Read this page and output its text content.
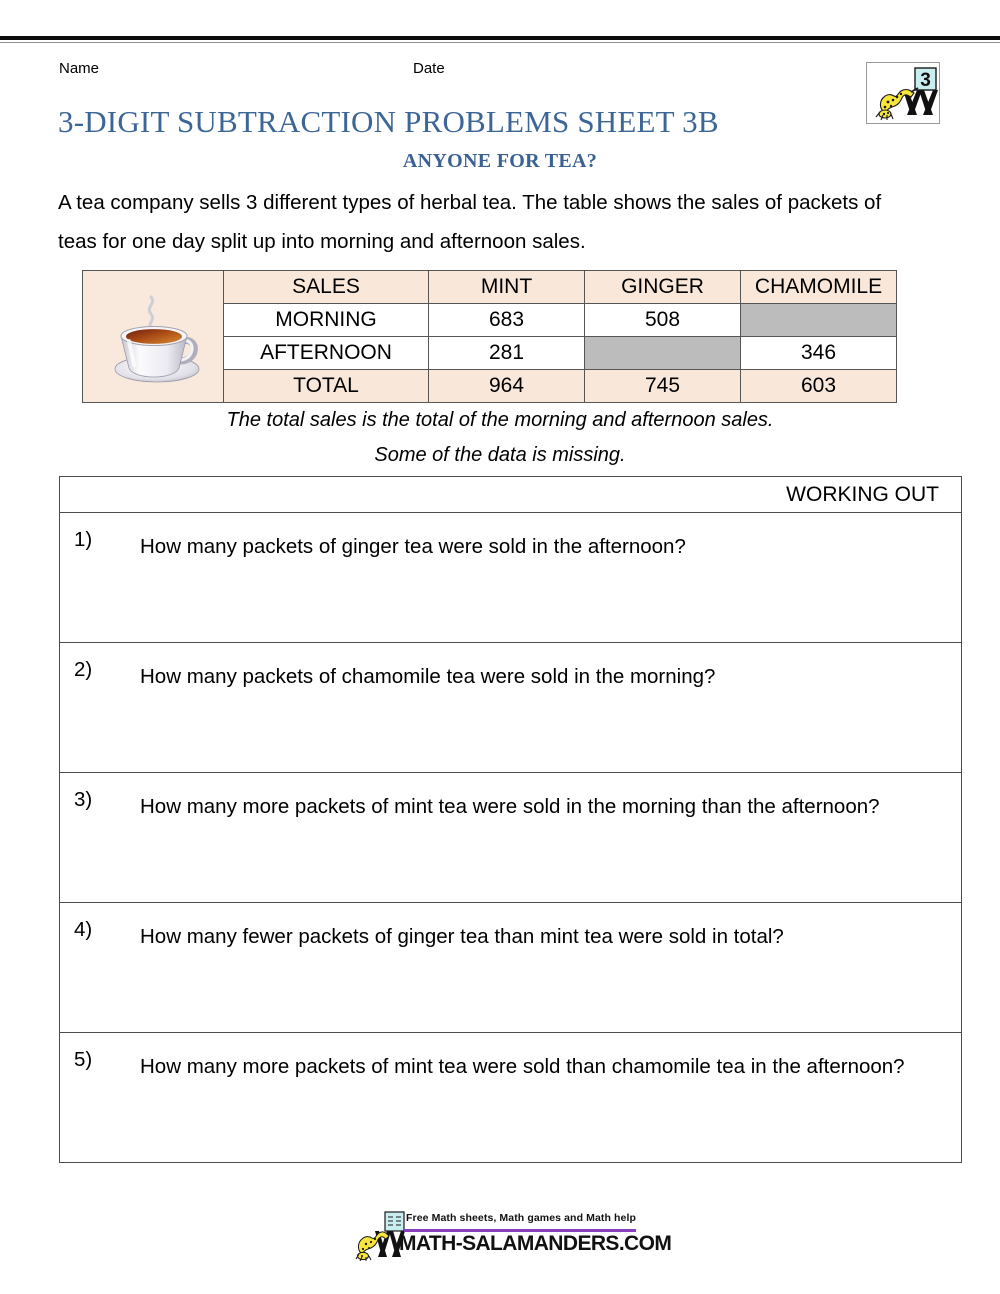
Name	Date
3-DIGIT SUBTRACTION PROBLEMS SHEET 3B
ANYONE FOR TEA?
3
A tea company sells 3 different types of herbal tea. The table shows the sales of packets of teas for one day split up into morning and afternoon sales.
	SALES	MINT	GINGER	CHAMOMILE
	MORNING	683	508	
	AFTERNOON	281		346
	TOTAL	964	745	603
The total sales is the total of the morning and afternoon sales.
Some of the data is missing.
WORKING OUT

1) How many packets of ginger tea were sold in the afternoon?

2) How many packets of chamomile tea were sold in the morning?

3) How many more packets of mint tea were sold in the morning than the afternoon?

4) How many fewer packets of ginger tea than mint tea were sold in total?

5) How many more packets of mint tea were sold than chamomile tea in the afternoon?
Free Math sheets, Math games and Math help
MATH-SALAMANDERS.COM
